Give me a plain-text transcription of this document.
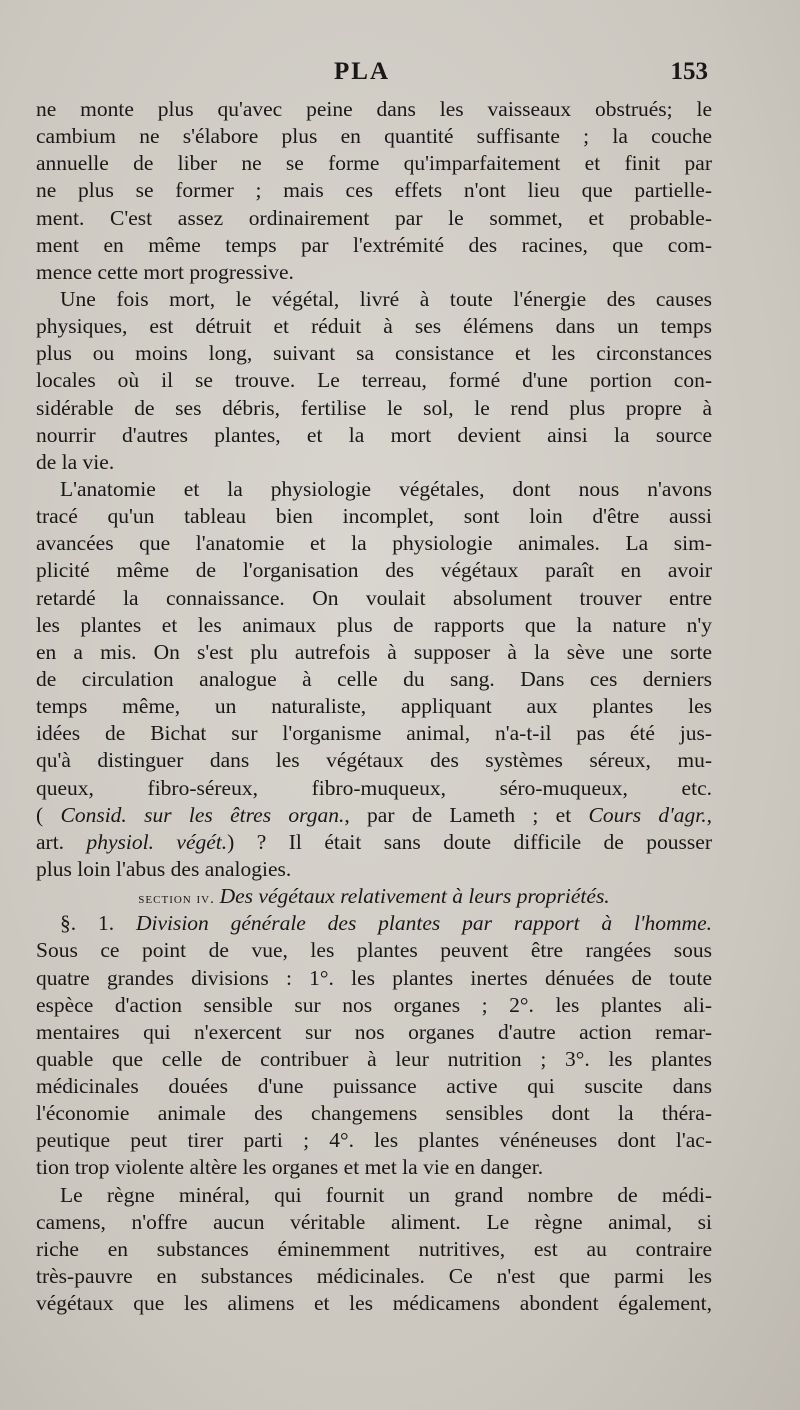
PLA	153
ne monte plus qu'avec peine dans les vaisseaux obstrués; le
cambium ne s'élabore plus en quantité suffisante ; la couche
annuelle de liber ne se forme qu'imparfaitement et finit par
ne plus se former ; mais ces effets n'ont lieu que partielle-
ment. C'est assez ordinairement par le sommet, et probable-
ment en même temps par l'extrémité des racines, que com-
mence cette mort progressive.
Une fois mort, le végétal, livré à toute l'énergie des causes
physiques, est détruit et réduit à ses élémens dans un temps
plus ou moins long, suivant sa consistance et les circonstances
locales où il se trouve. Le terreau, formé d'une portion con-
sidérable de ses débris, fertilise le sol, le rend plus propre à
nourrir d'autres plantes, et la mort devient ainsi la source
de la vie.
L'anatomie et la physiologie végétales, dont nous n'avons
tracé qu'un tableau bien incomplet, sont loin d'être aussi
avancées que l'anatomie et la physiologie animales. La sim-
plicité même de l'organisation des végétaux paraît en avoir
retardé la connaissance. On voulait absolument trouver entre
les plantes et les animaux plus de rapports que la nature n'y
en a mis. On s'est plu autrefois à supposer à la sève une sorte
de circulation analogue à celle du sang. Dans ces derniers
temps même, un naturaliste, appliquant aux plantes les
idées de Bichat sur l'organisme animal, n'a-t-il pas été jus-
qu'à distinguer dans les végétaux des systèmes séreux, mu-
queux, fibro-séreux, fibro-muqueux, séro-muqueux, etc.
( Consid. sur les êtres organ., par de Lameth ; et Cours d'agr.,
art. physiol. végét.) ? Il était sans doute difficile de pousser
plus loin l'abus des analogies.
section iv. Des végétaux relativement à leurs propriétés.
§. 1. Division générale des plantes par rapport à l'homme.
Sous ce point de vue, les plantes peuvent être rangées sous
quatre grandes divisions : 1°. les plantes inertes dénuées de toute
espèce d'action sensible sur nos organes ; 2°. les plantes ali-
mentaires qui n'exercent sur nos organes d'autre action remar-
quable que celle de contribuer à leur nutrition ; 3°. les plantes
médicinales douées d'une puissance active qui suscite dans
l'économie animale des changemens sensibles dont la théra-
peutique peut tirer parti ; 4°. les plantes vénéneuses dont l'ac-
tion trop violente altère les organes et met la vie en danger.
Le règne minéral, qui fournit un grand nombre de médi-
camens, n'offre aucun véritable aliment. Le règne animal, si
riche en substances éminemment nutritives, est au contraire
très-pauvre en substances médicinales. Ce n'est que parmi les
végétaux que les alimens et les médicamens abondent également,
